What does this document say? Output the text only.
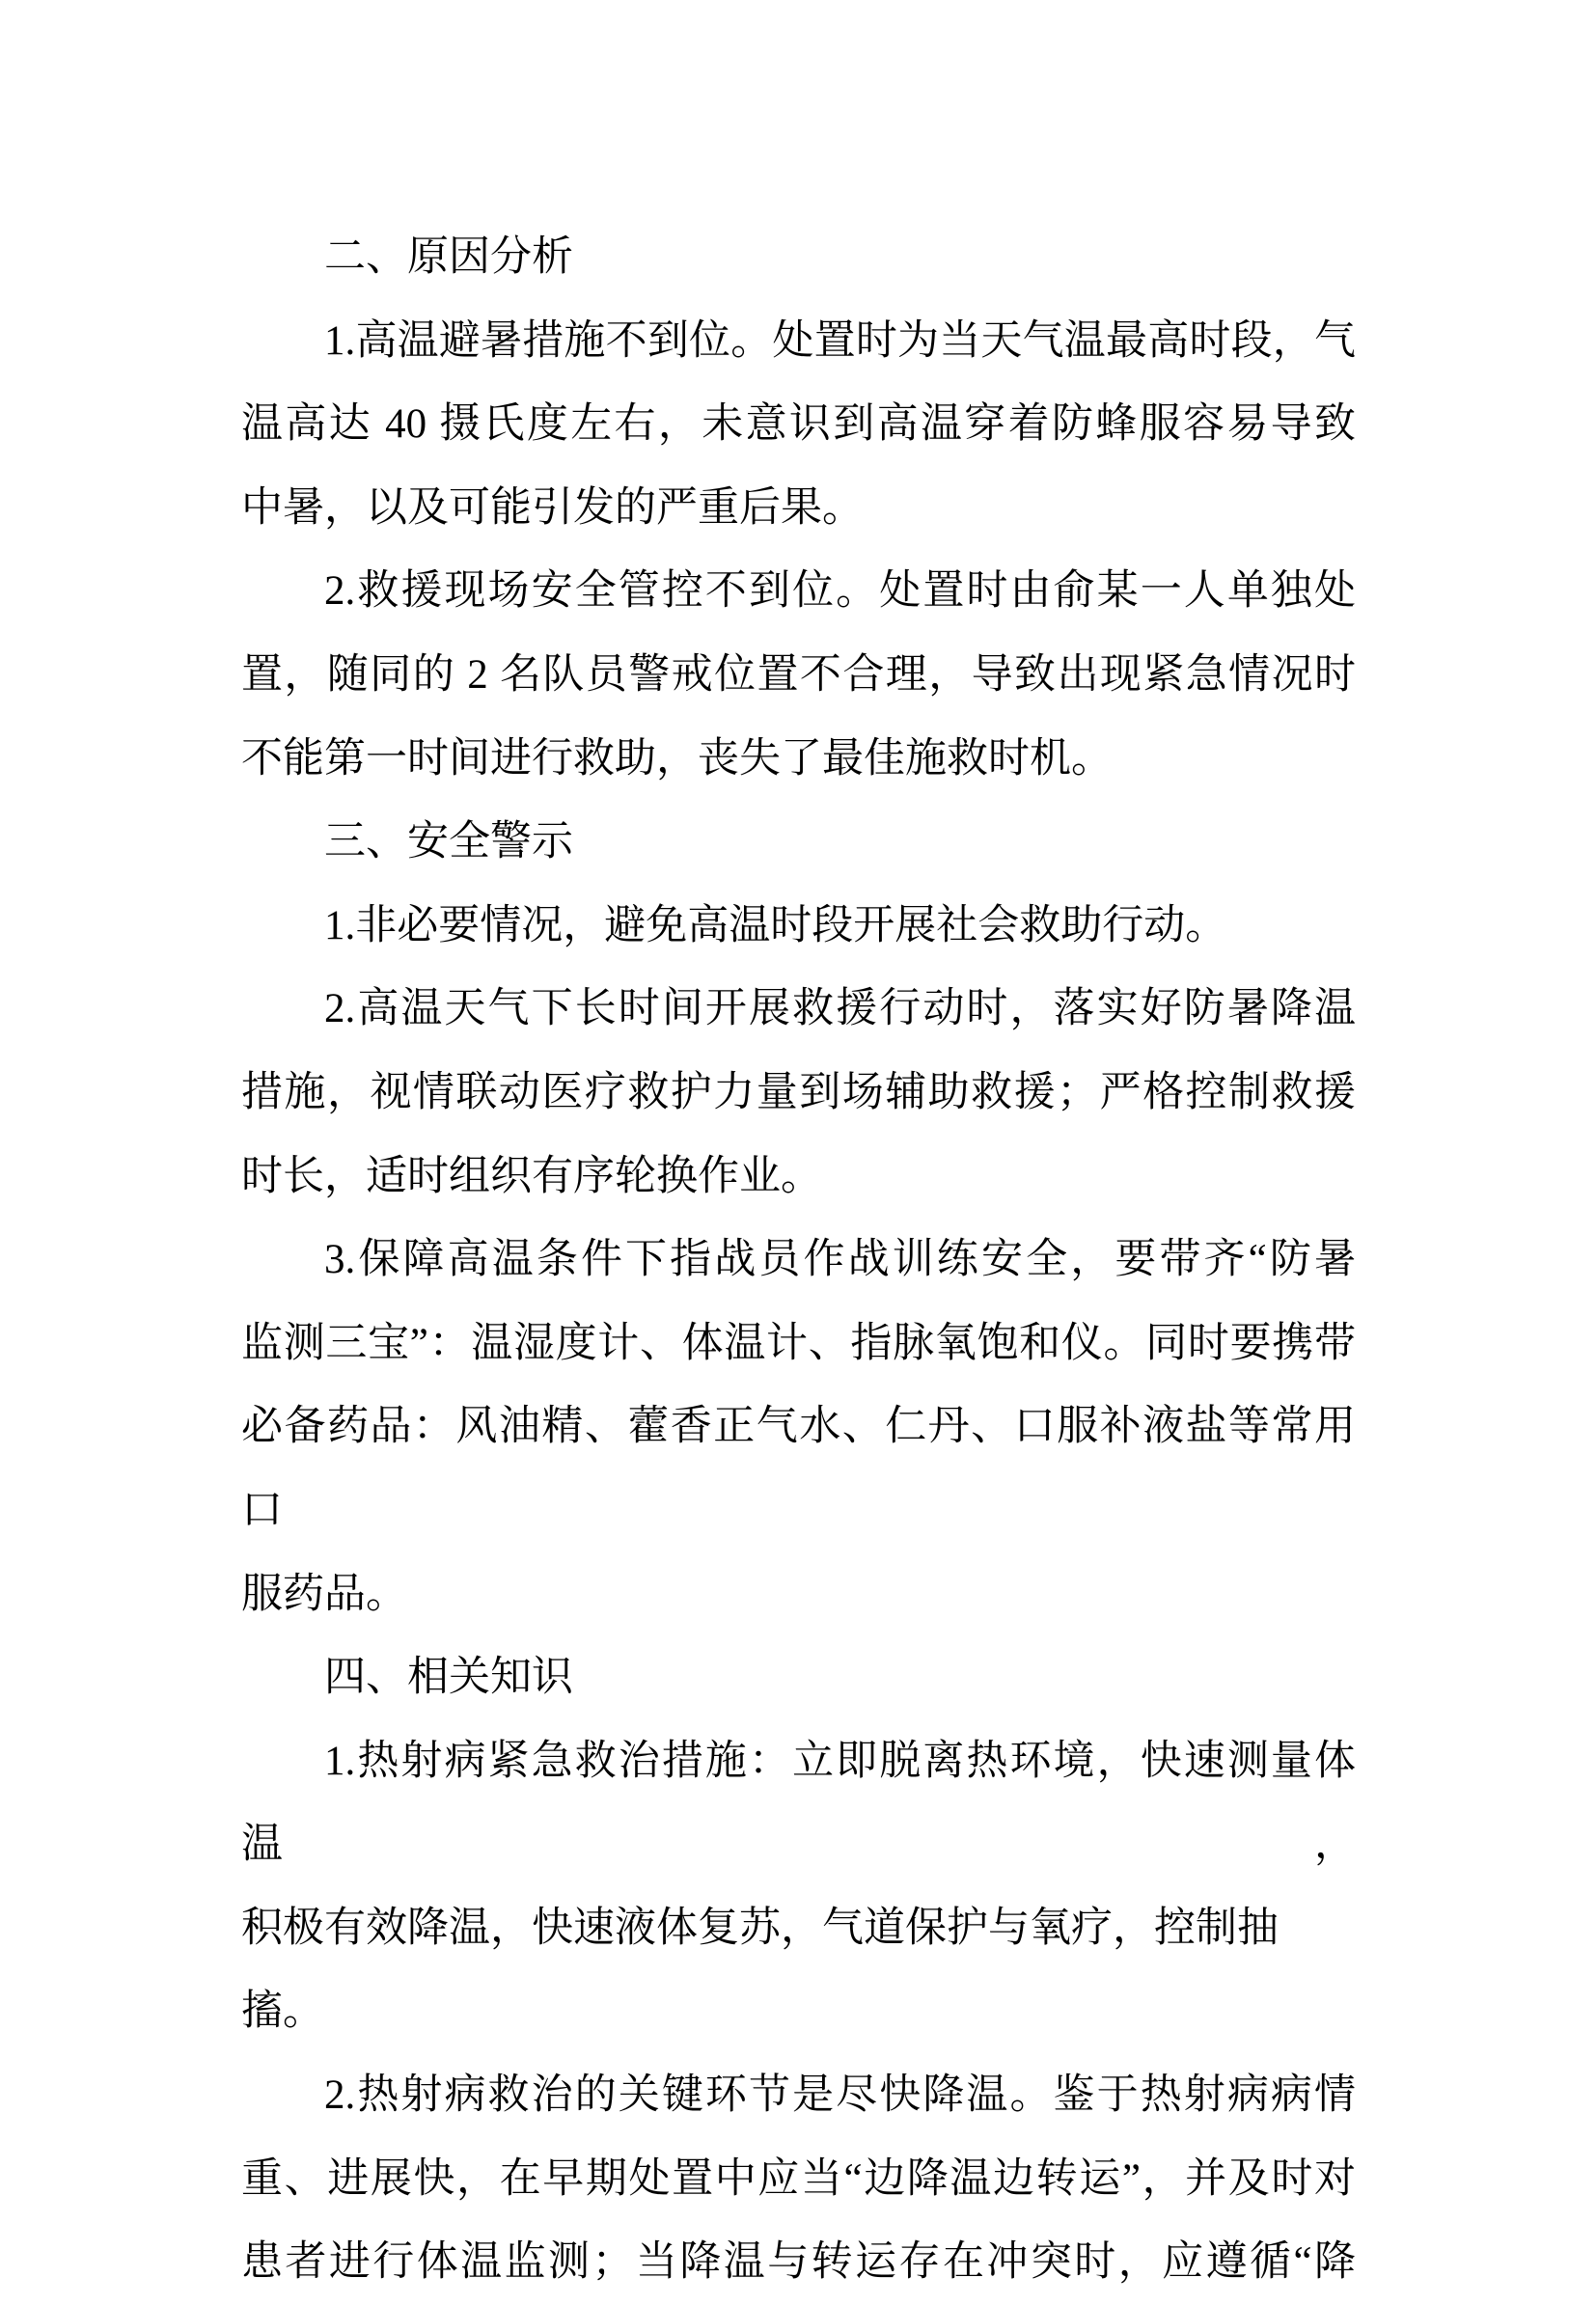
二、原因分析
1.高温避暑措施不到位。处置时为当天气温最高时段，气
温高达 40 摄氏度左右，未意识到高温穿着防蜂服容易导致
中暑，以及可能引发的严重后果。
2.救援现场安全管控不到位。处置时由俞某一人单独处
置，随同的 2 名队员警戒位置不合理，导致出现紧急情况时
不能第一时间进行救助，丧失了最佳施救时机。
三、安全警示
1.非必要情况，避免高温时段开展社会救助行动。
2.高温天气下长时间开展救援行动时，落实好防暑降温
措施，视情联动医疗救护力量到场辅助救援；严格控制救援
时长，适时组织有序轮换作业。
3.保障高温条件下指战员作战训练安全，要带齐“防暑
监测三宝”：温湿度计、体温计、指脉氧饱和仪。同时要携带
必备药品：风油精、藿香正气水、仁丹、口服补液盐等常用口
服药品。
四、相关知识
1.热射病紧急救治措施：立即脱离热环境，快速测量体温，
积极有效降温，快速液体复苏，气道保护与氧疗，控制抽搐。
2.热射病救治的关键环节是尽快降温。鉴于热射病病情
重、进展快，在早期处置中应当“边降温边转运”，并及时对
患者进行体温监测；当降温与转运存在冲突时，应遵循“降
